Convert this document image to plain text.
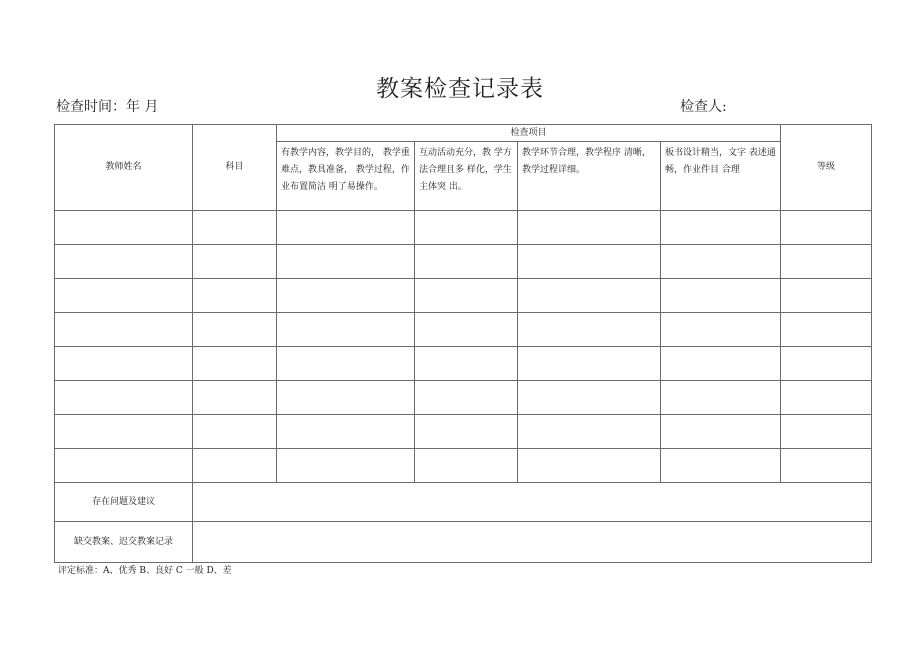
教案检查记录表
检查时间：年 月	检查人:
教师姓名	科目	检查项目				等级
		有教学内容，教学目的， 教学重难点，教具准备， 教学过程，作业布置简洁 明了易操作。	互动活动充分，教 学方法合理且多 样化，学生主体突 出。	教学环节合理，教学程序 清晰，教学过程详细。	板书设计精当，文字 表述通畅，作业件目 合理	

存在问题及建议						
缺交教案、迟交教案记录						
评定标准：A、优秀 B、良好 C 一般 D、差
